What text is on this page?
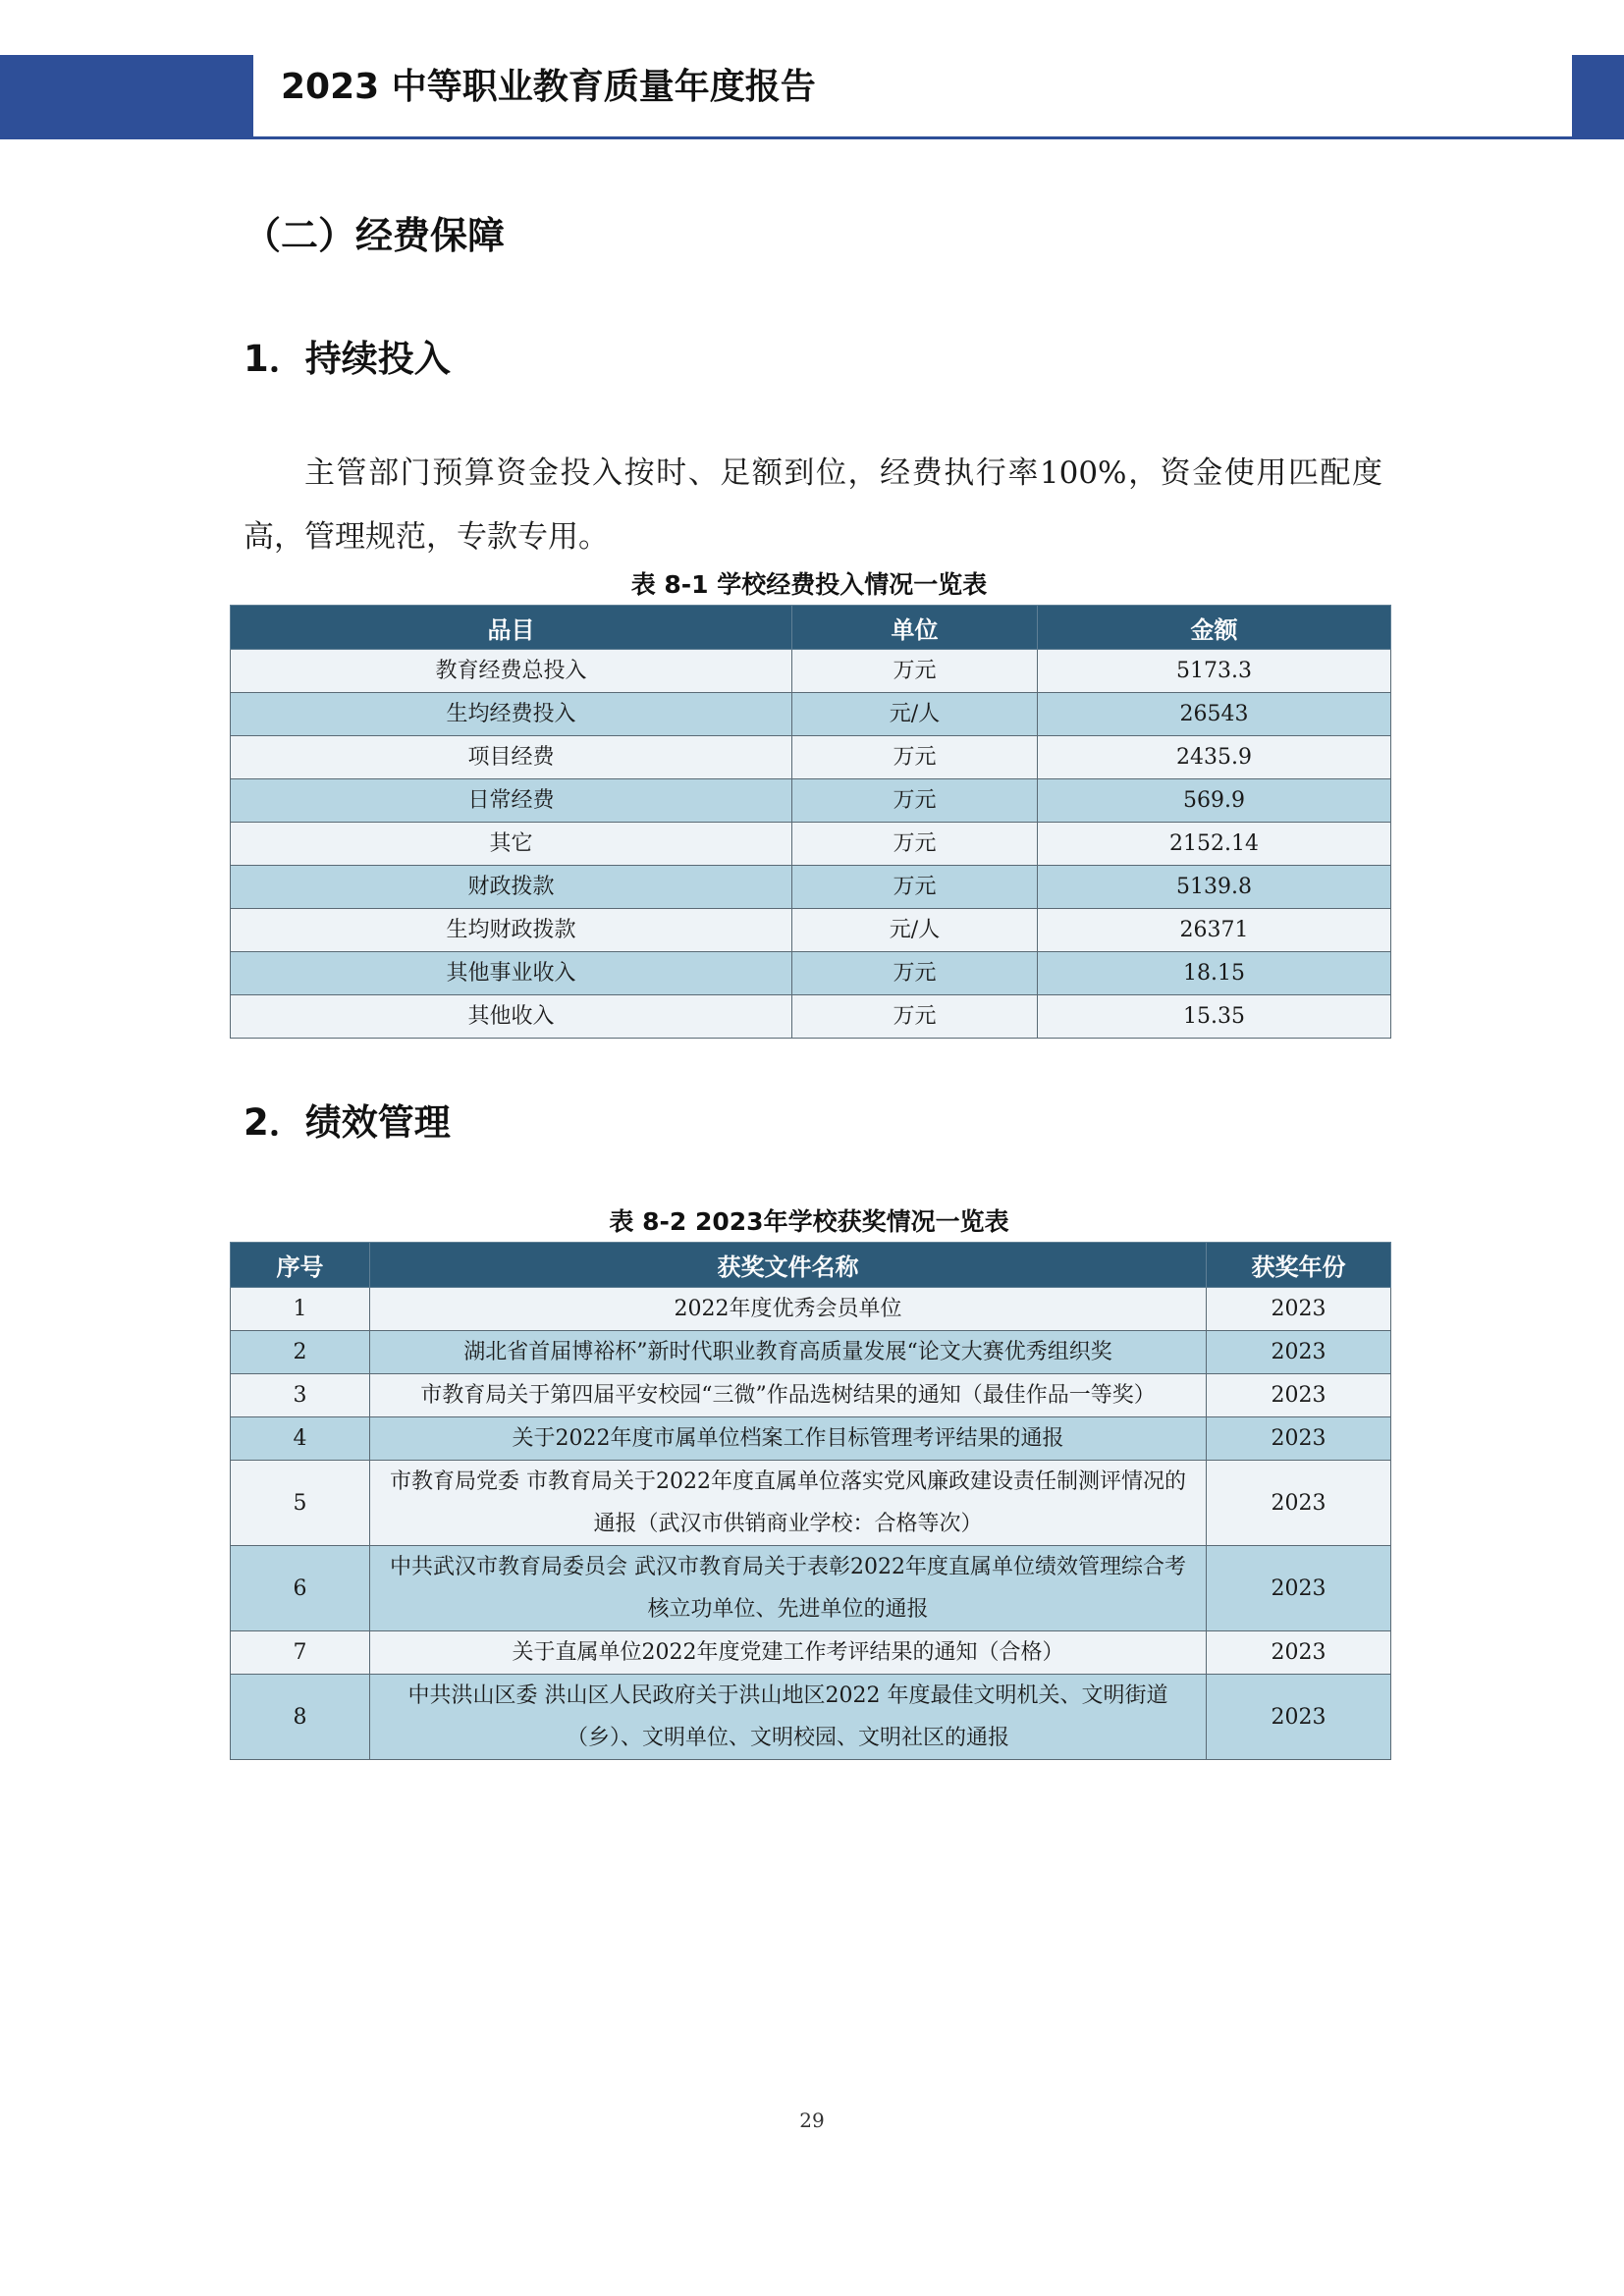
2023 中等职业教育质量年度报告
（二）经费保障
1．持续投入
主管部门预算资金投入按时、足额到位，经费执行率100%，资金使用匹配度高，管理规范，专款专用。
表 8-1 学校经费投入情况一览表
品目	单位	金额
教育经费总投入	万元	5173.3
生均经费投入	元/人	26543
项目经费	万元	2435.9
日常经费	万元	569.9
其它	万元	2152.14
财政拨款	万元	5139.8
生均财政拨款	元/人	26371
其他事业收入	万元	18.15
其他收入	万元	15.35
2．绩效管理
表 8-2 2023年学校获奖情况一览表
序号	获奖文件名称	获奖年份
1	2022年度优秀会员单位	2023
2	湖北省首届博裕杯”新时代职业教育高质量发展“论文大赛优秀组织奖	2023
3	市教育局关于第四届平安校园“三微”作品选树结果的通知（最佳作品一等奖）	2023
4	关于2022年度市属单位档案工作目标管理考评结果的通报	2023
5	市教育局党委 市教育局关于2022年度直属单位落实党风廉政建设责任制测评情况的通报（武汉市供销商业学校：合格等次）	2023
6	中共武汉市教育局委员会 武汉市教育局关于表彰2022年度直属单位绩效管理综合考核立功单位、先进单位的通报	2023
7	关于直属单位2022年度党建工作考评结果的通知（合格）	2023
8	中共洪山区委 洪山区人民政府关于洪山地区2022 年度最佳文明机关、文明街道（乡）、文明单位、文明校园、文明社区的通报	2023
29
